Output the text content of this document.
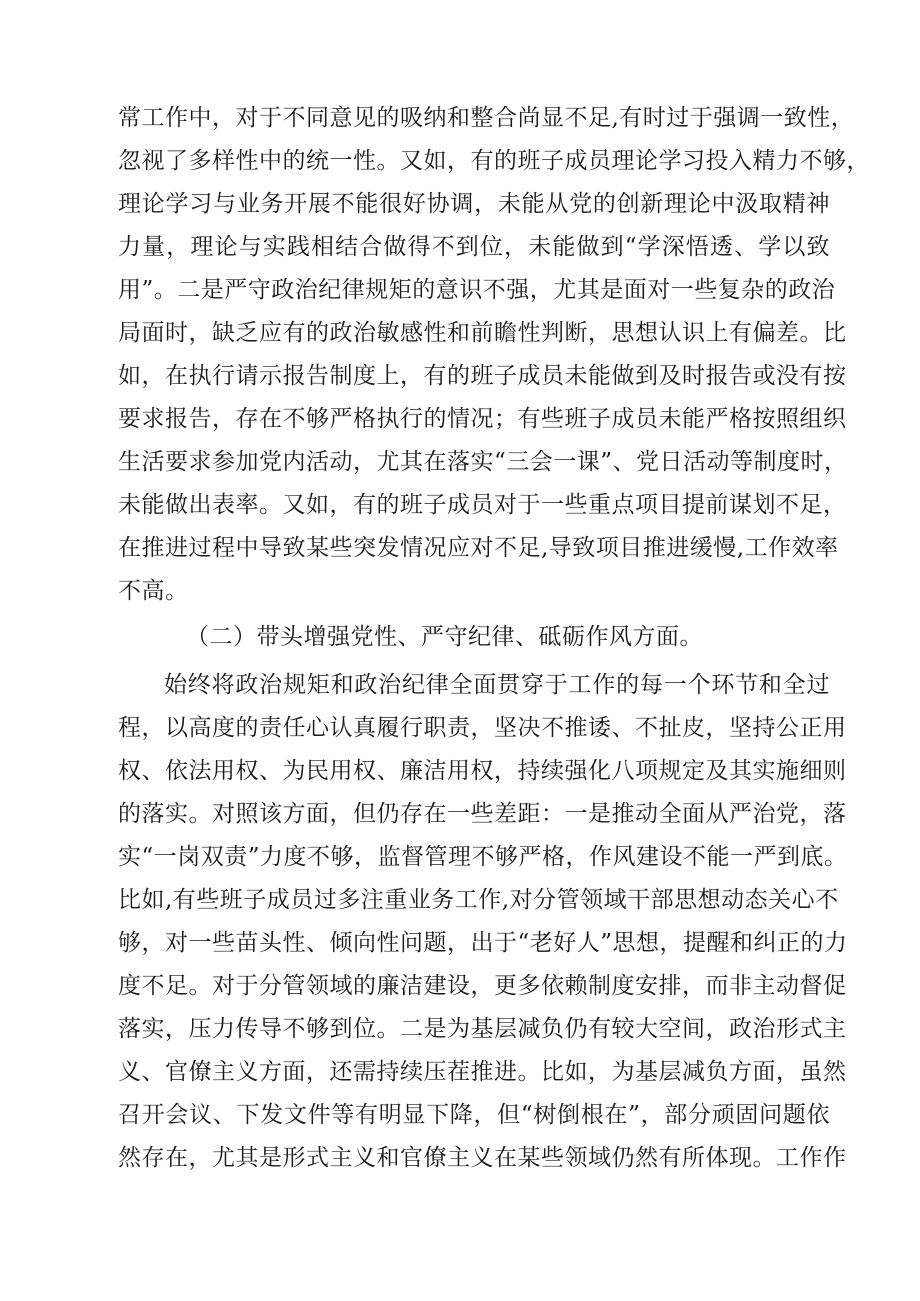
常工作中，对于不同意见的吸纳和整合尚显不足,有时过于强调一致性，
忽视了多样性中的统一性。又如，有的班子成员理论学习投入精力不够，
理论学习与业务开展不能很好协调，未能从党的创新理论中汲取精神
力量，理论与实践相结合做得不到位，未能做到“学深悟透、学以致
用”。二是严守政治纪律规矩的意识不强，尤其是面对一些复杂的政治
局面时，缺乏应有的政治敏感性和前瞻性判断，思想认识上有偏差。比
如，在执行请示报告制度上，有的班子成员未能做到及时报告或没有按
要求报告，存在不够严格执行的情况；有些班子成员未能严格按照组织
生活要求参加党内活动，尤其在落实“三会一课”、党日活动等制度时，
未能做出表率。又如，有的班子成员对于一些重点项目提前谋划不足，
在推进过程中导致某些突发情况应对不足,导致项目推进缓慢,工作效率
不高。
（二）带头增强党性、严守纪律、砥砺作风方面。
始终将政治规矩和政治纪律全面贯穿于工作的每一个环节和全过
程，以高度的责任心认真履行职责，坚决不推诿、不扯皮，坚持公正用
权、依法用权、为民用权、廉洁用权，持续强化八项规定及其实施细则
的落实。对照该方面，但仍存在一些差距：一是推动全面从严治党，落
实“一岗双责”力度不够，监督管理不够严格，作风建设不能一严到底。
比如,有些班子成员过多注重业务工作,对分管领域干部思想动态关心不
够，对一些苗头性、倾向性问题，出于“老好人”思想，提醒和纠正的力
度不足。对于分管领域的廉洁建设，更多依赖制度安排，而非主动督促
落实，压力传导不够到位。二是为基层减负仍有较大空间，政治形式主
义、官僚主义方面，还需持续压茬推进。比如，为基层减负方面，虽然
召开会议、下发文件等有明显下降，但“树倒根在”，部分顽固问题依
然存在，尤其是形式主义和官僚主义在某些领域仍然有所体现。工作作
